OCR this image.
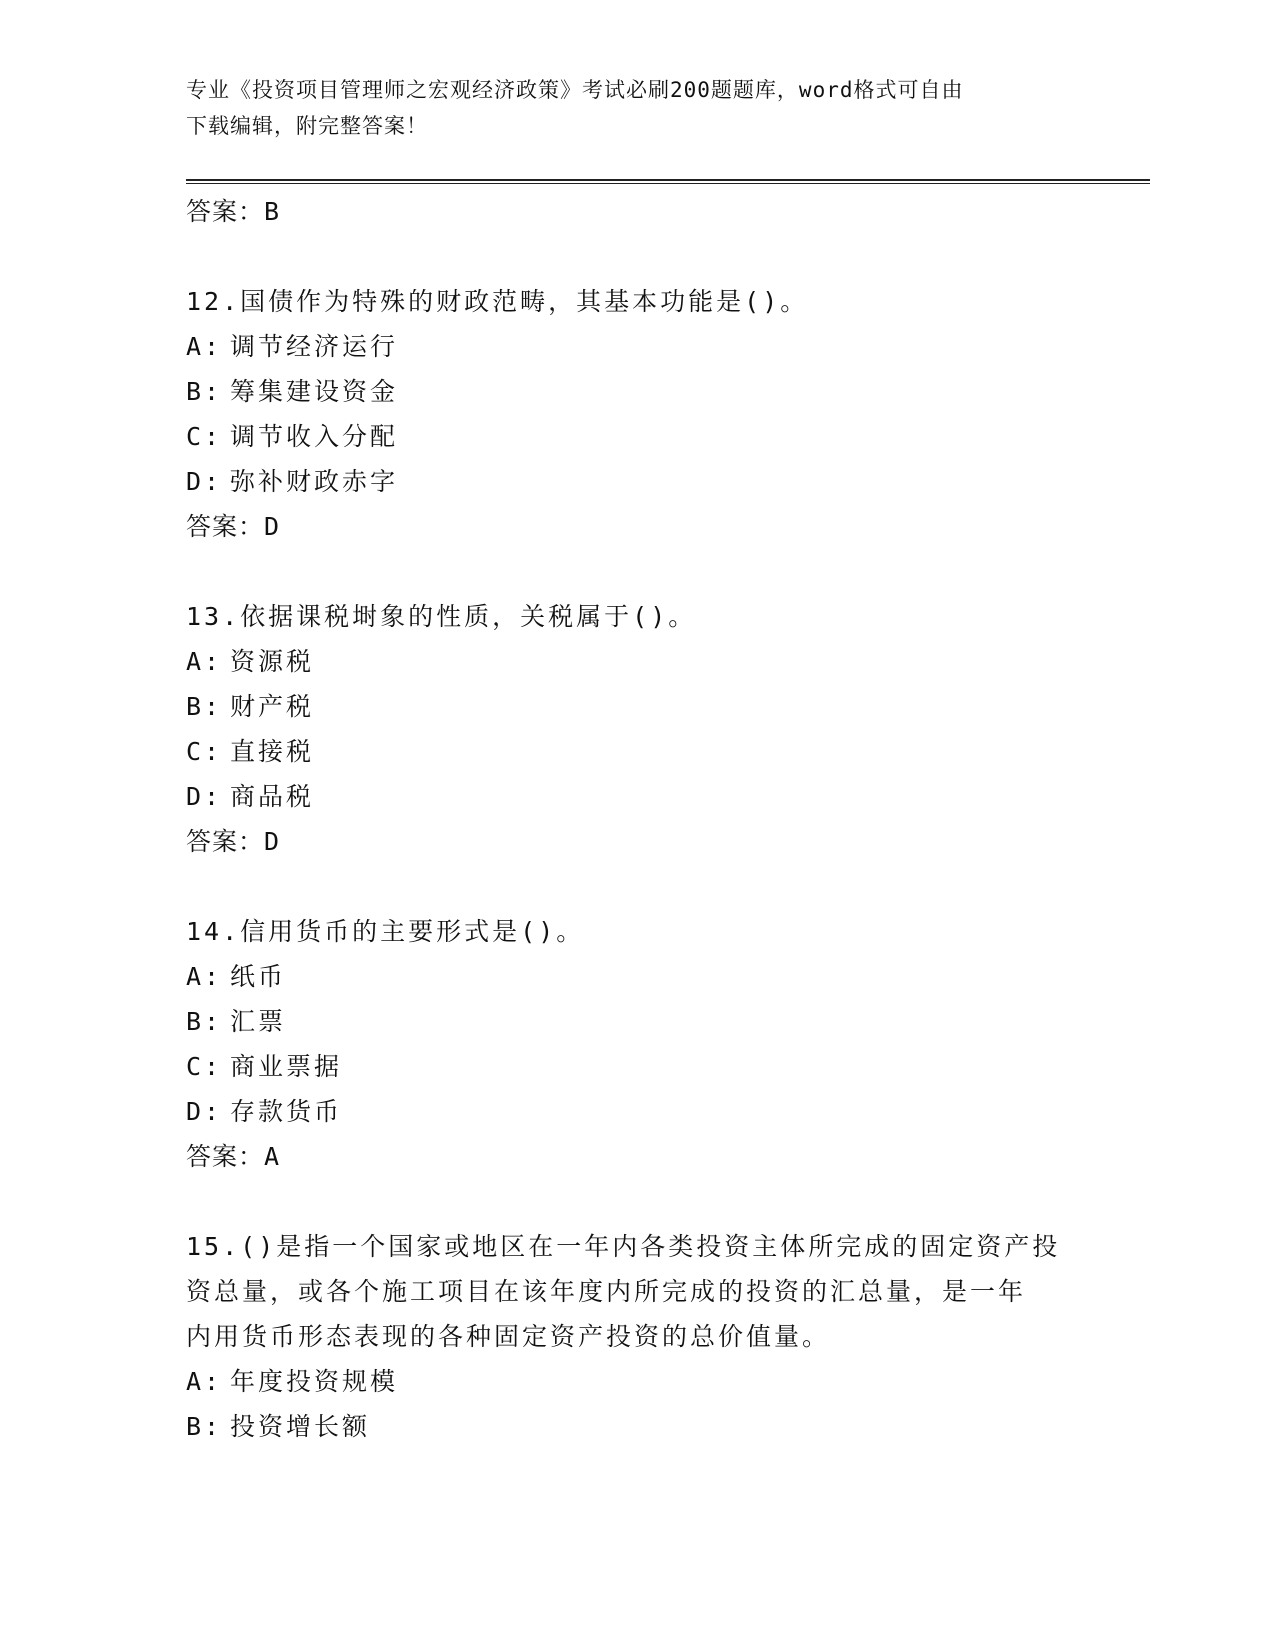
专业《投资项目管理师之宏观经济政策》考试必刷200题题库，word格式可自由
下载编辑，附完整答案！
答案：B
12.国债作为特殊的财政范畴，其基本功能是()。
A: 调节经济运行
B: 筹集建设资金
C: 调节收入分配
D: 弥补财政赤字
答案：D
13.依据课税埘象的性质，关税属于()。
A: 资源税
B: 财产税
C: 直接税
D: 商品税
答案：D
14.信用货币的主要形式是()。
A: 纸币
B: 汇票
C: 商业票据
D: 存款货币
答案：A
15.()是指一个国家或地区在一年内各类投资主体所完成的固定资产投
资总量，或各个施工项目在该年度内所完成的投资的汇总量，是一年
内用货币形态表现的各种固定资产投资的总价值量。
A: 年度投资规模
B: 投资增长额
